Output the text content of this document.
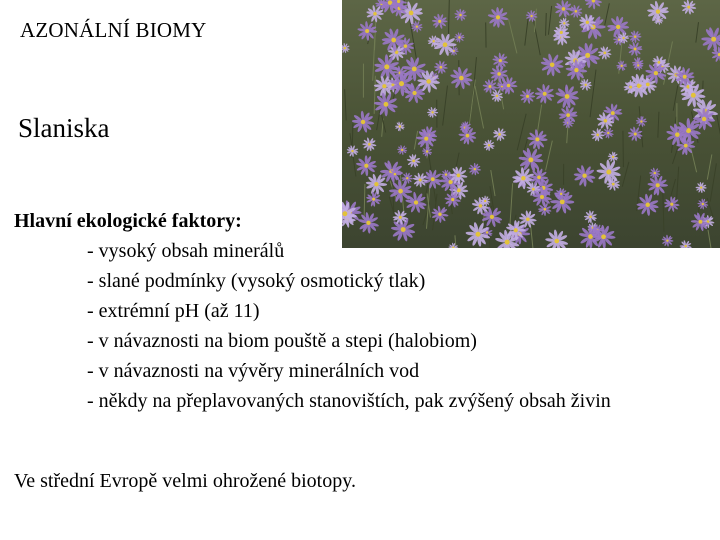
AZONÁLNÍ BIOMY
Slaniska
Hlavní ekologické faktory:
- vysoký obsah minerálů
- slané podmínky (vysoký osmotický tlak)
- extrémní pH (až 11)
- v návaznosti na biom pouště a stepi (halobiom)
- v návaznosti na vývěry minerálních vod
- někdy na přeplavovaných stanovištích, pak zvýšený obsah živin
Ve střední Evropě velmi ohrožené biotopy.
